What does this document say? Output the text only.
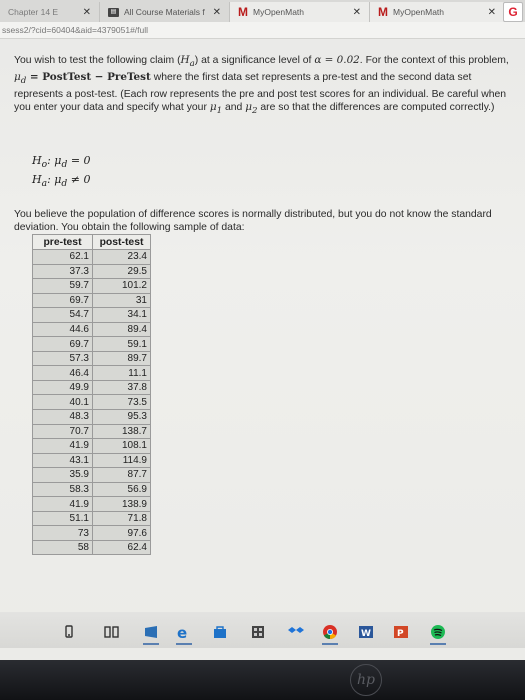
Chapter 14 E ✕	▤ All Course Materials f ✕ M MyOpenMath	✕ M MyOpenMath	✕	G
ssess2/?cid=60404&aid=4379051#/full

You wish to test the following claim $(H_a)$ at a significance level of α = 0.02. For the context of this problem, $\mu_d$ = PostTest − PreTest where the first data set represents a pre-test and the second data set represents a post-test. (Each row represents the pre and post test scores for an individual. Be careful when you enter your data and specify what your $\mu_1$ and $\mu_2$ are so that the differences are computed correctly.)

$H_o$: $\mu_d = 0$
$H_a$: $\mu_d \ne 0$
You believe the population of difference scores is normally distributed, but you do not know the standard deviation. You obtain the following sample of data:
pre-test	post-test
62.1	23.4
37.3	29.5
59.7	101.2
69.7	31
54.7	34.1
44.6	89.4
69.7	59.1
57.3	89.7
46.4	11.1
49.9	37.8
40.1	73.5
48.3	95.3
70.7	138.7
41.9	108.1
43.1	114.9
35.9	87.7
58.3	56.9
41.9	138.9
51.1	71.8
73	97.6
58	62.4
e	W	P
hp
